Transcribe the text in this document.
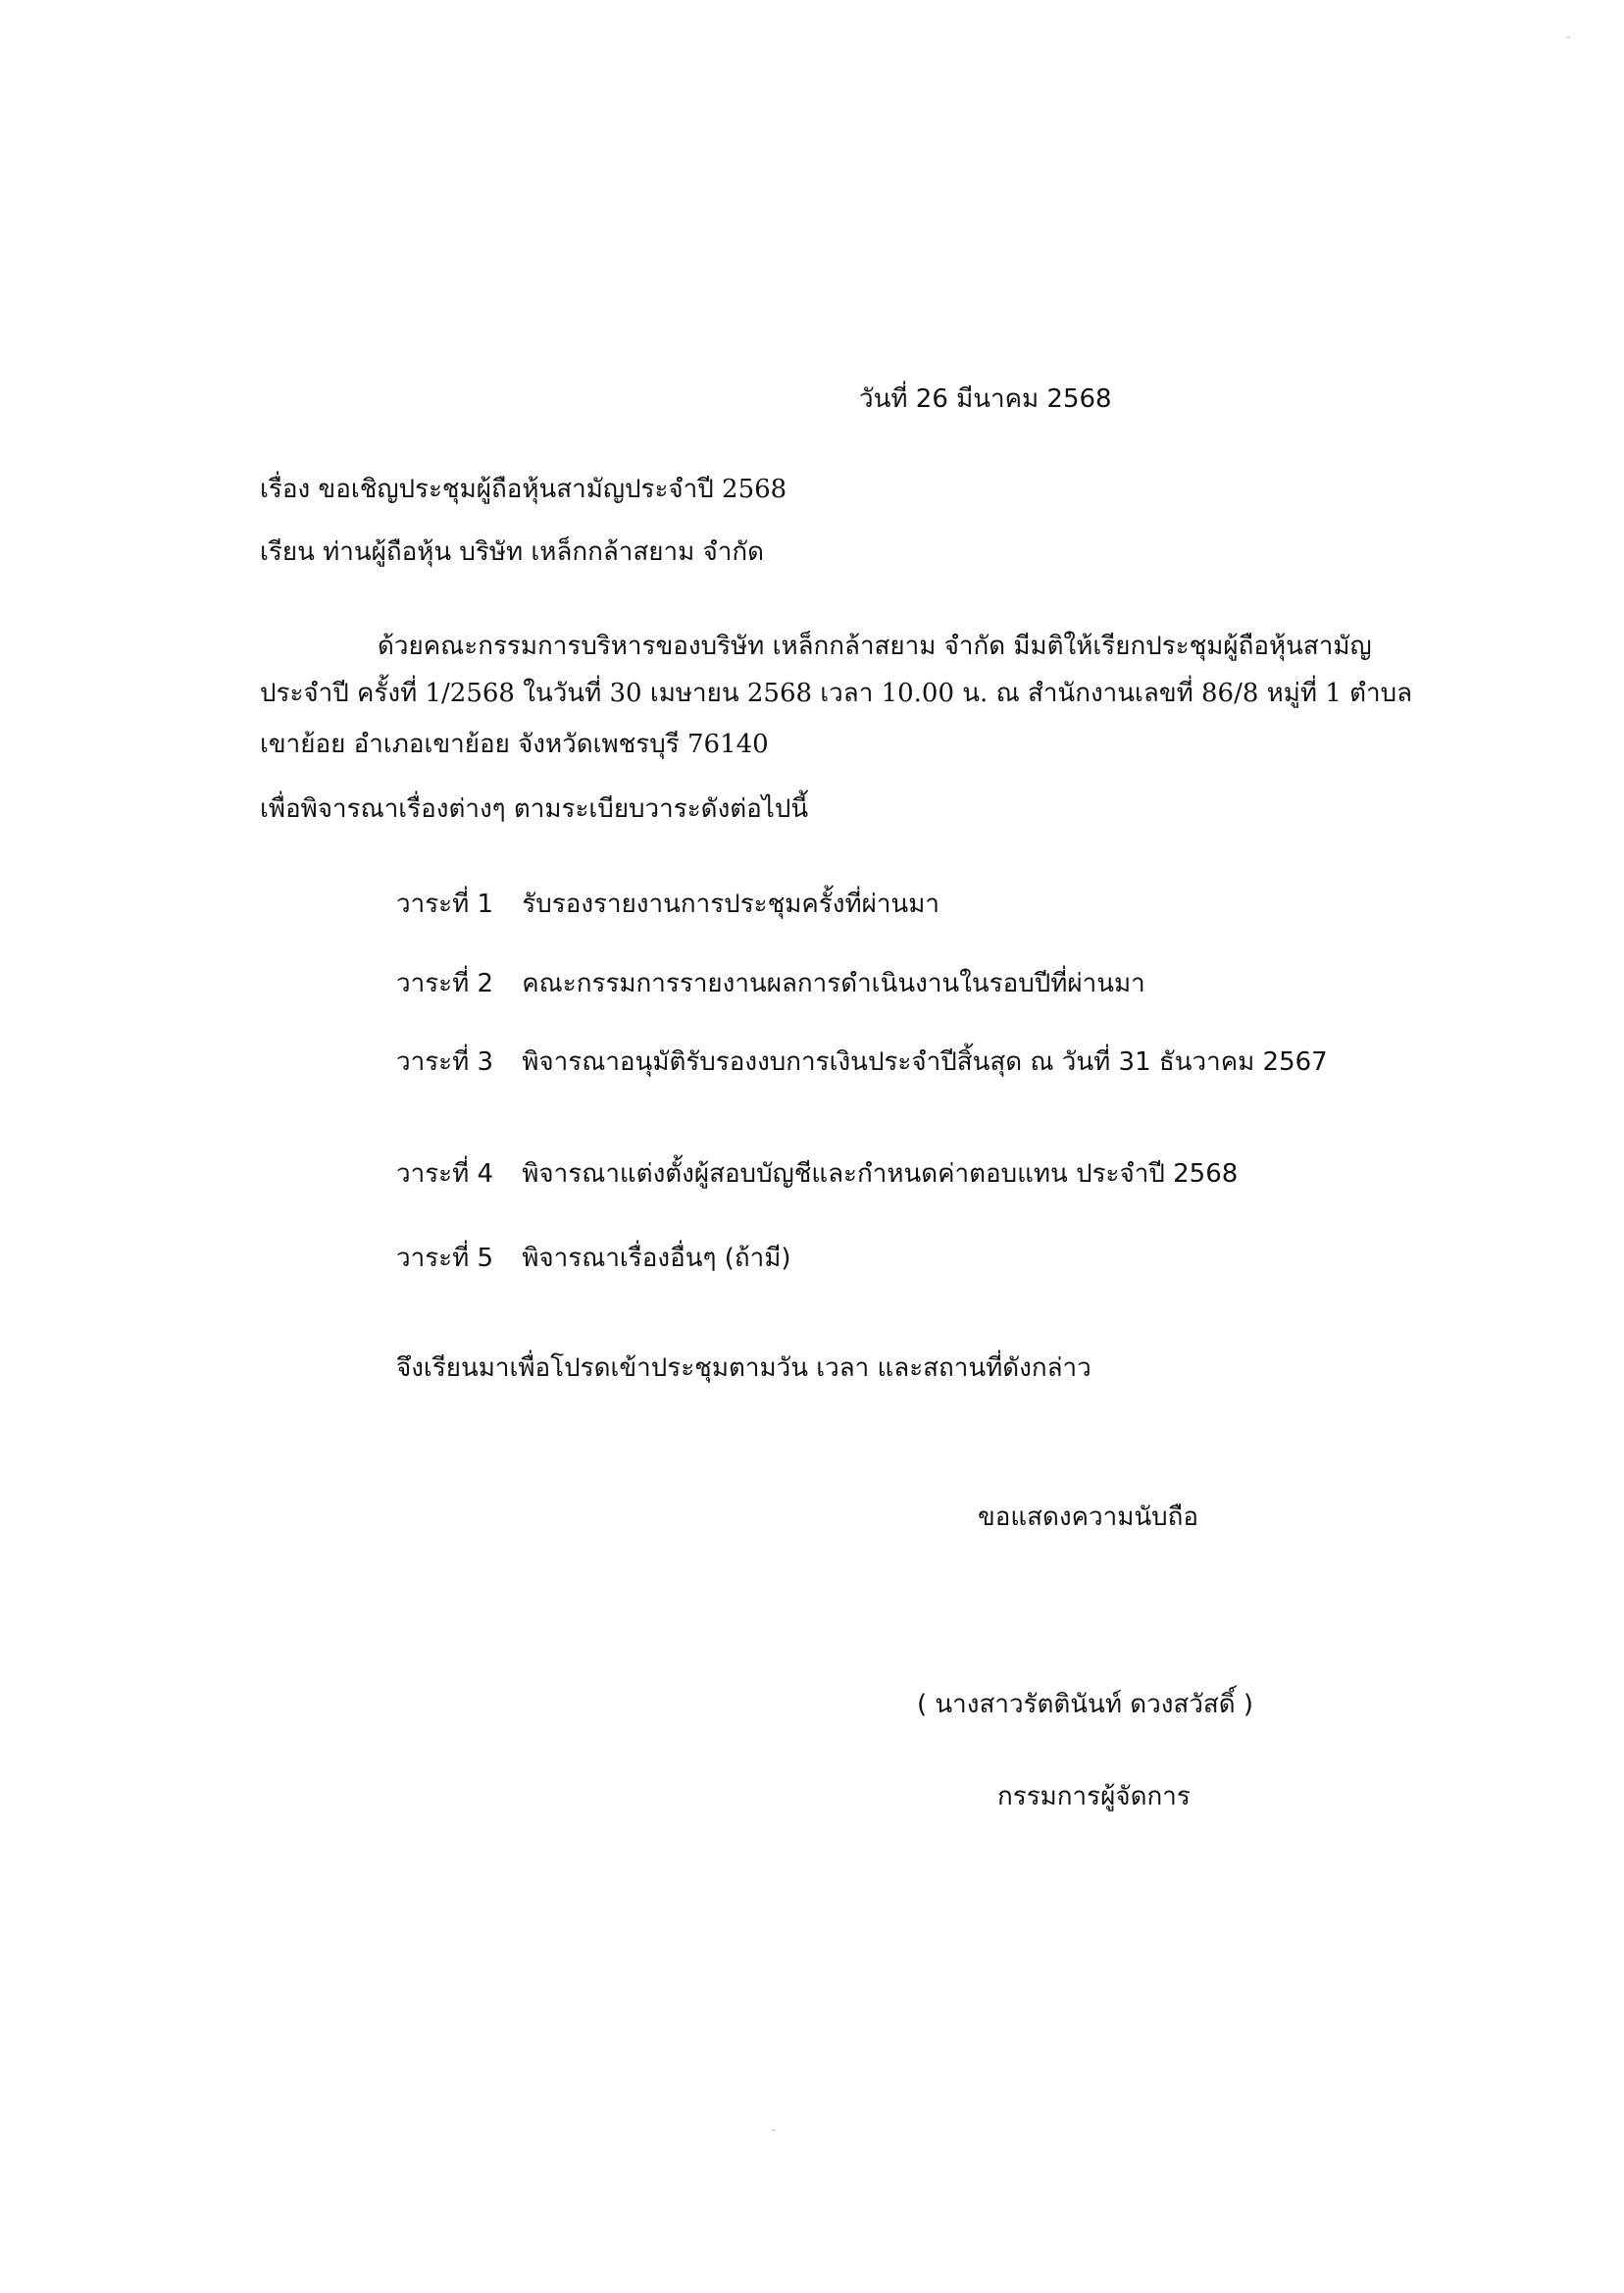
วันที่ 26 มีนาคม 2568
เรื่อง ขอเชิญประชุมผู้ถือหุ้นสามัญประจำปี 2568
เรียน ท่านผู้ถือหุ้น บริษัท เหล็กกล้าสยาม จำกัด
ด้วยคณะกรรมการบริหารของบริษัท เหล็กกล้าสยาม จำกัด มีมติให้เรียกประชุมผู้ถือหุ้นสามัญ
ประจำปี ครั้งที่ 1/2568 ในวันที่ 30 เมษายน 2568 เวลา 10.00 น. ณ สำนักงานเลขที่ 86/8 หมู่ที่ 1 ตำบล
เขาย้อย อำเภอเขาย้อย จังหวัดเพชรบุรี 76140
เพื่อพิจารณาเรื่องต่างๆ ตามระเบียบวาระดังต่อไปนี้
วาระที่ 1 รับรองรายงานการประชุมครั้งที่ผ่านมา
วาระที่ 2 คณะกรรมการรายงานผลการดำเนินงานในรอบปีที่ผ่านมา
วาระที่ 3 พิจารณาอนุมัติรับรองงบการเงินประจำปีสิ้นสุด ณ วันที่ 31 ธันวาคม 2567
วาระที่ 4 พิจารณาแต่งตั้งผู้สอบบัญชีและกำหนดค่าตอบแทน ประจำปี 2568
วาระที่ 5 พิจารณาเรื่องอื่นๆ (ถ้ามี)
จึงเรียนมาเพื่อโปรดเข้าประชุมตามวัน เวลา และสถานที่ดังกล่าว
ขอแสดงความนับถือ
( นางสาวรัตตินันท์ ดวงสวัสดิ์ )
กรรมการผู้จัดการ
